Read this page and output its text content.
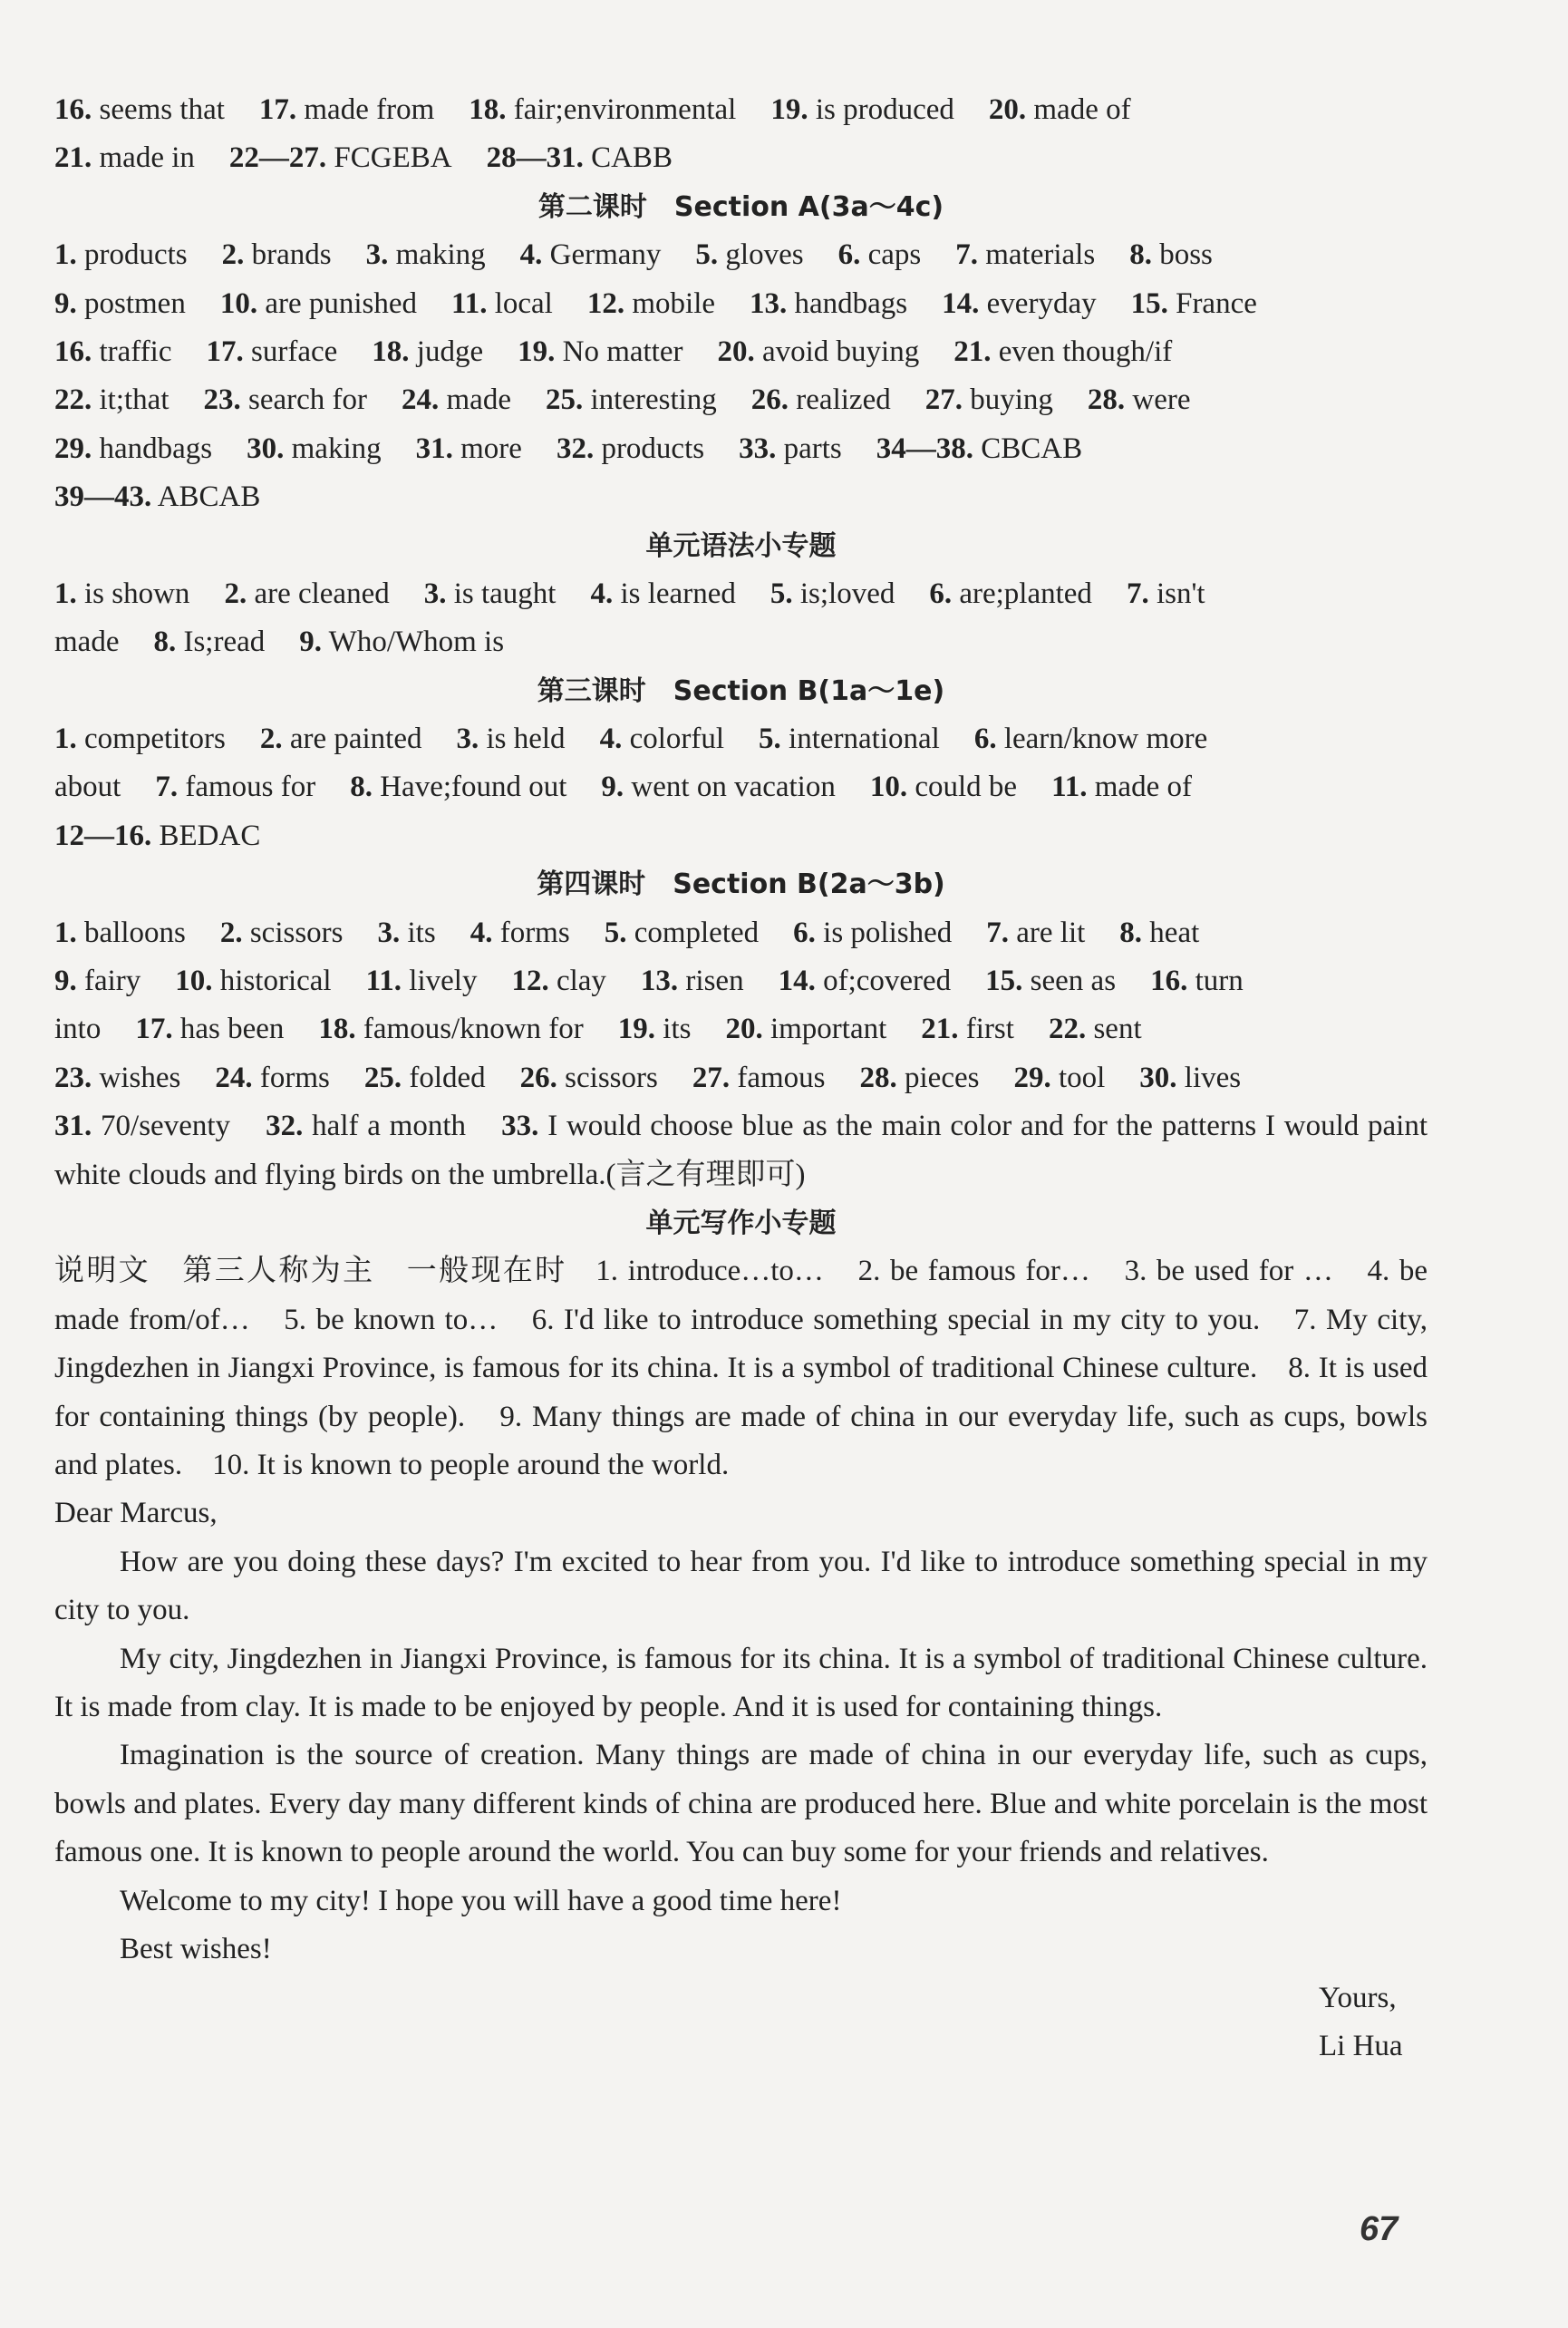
16. seems that 17. made from 18. fair;environmental 19. is produced 20. made of
21. made in 22—27. FCGEBA 28—31. CABB
第二课时　Section A(3a～4c)
1. products 2. brands 3. making 4. Germany 5. gloves 6. caps 7. materials 8. boss
9. postmen 10. are punished 11. local 12. mobile 13. handbags 14. everyday 15. France
16. traffic 17. surface 18. judge 19. No matter 20. avoid buying 21. even though/if
22. it;that 23. search for 24. made 25. interesting 26. realized 27. buying 28. were
29. handbags 30. making 31. more 32. products 33. parts 34—38. CBCAB
39—43. ABCAB
单元语法小专题
1. is shown 2. are cleaned 3. is taught 4. is learned 5. is;loved 6. are;planted 7. isn't
made 8. Is;read 9. Who/Whom is
第三课时　Section B(1a～1e)
1. competitors 2. are painted 3. is held 4. colorful 5. international 6. learn/know more
about 7. famous for 8. Have;found out 9. went on vacation 10. could be 11. made of
12—16. BEDAC
第四课时　Section B(2a～3b)
1. balloons 2. scissors 3. its 4. forms 5. completed 6. is polished 7. are lit 8. heat
9. fairy 10. historical 11. lively 12. clay 13. risen 14. of;covered 15. seen as 16. turn
into 17. has been 18. famous/known for 19. its 20. important 21. first 22. sent
23. wishes 24. forms 25. folded 26. scissors 27. famous 28. pieces 29. tool 30. lives
31. 70/seventy 32. half a month 33. I would choose blue as the main color and for the patterns I would paint white clouds and flying birds on the umbrella.(言之有理即可)
单元写作小专题
说明文　第三人称为主　一般现在时 1. introduce…to…　2. be famous for…　3. be used for …　4. be made from/of…　5. be known to…　6. I'd like to introduce something special in my city to you.　7. My city, Jingdezhen in Jiangxi Province, is famous for its china. It is a symbol of traditional Chinese culture.　8. It is used for containing things (by people).　9. Many things are made of china in our everyday life, such as cups, bowls and plates.　10. It is known to people around the world.
Dear Marcus,
How are you doing these days? I'm excited to hear from you. I'd like to introduce something special in my city to you.
My city, Jingdezhen in Jiangxi Province, is famous for its china. It is a symbol of traditional Chinese culture. It is made from clay. It is made to be enjoyed by people. And it is used for containing things.
Imagination is the source of creation. Many things are made of china in our everyday life, such as cups, bowls and plates. Every day many different kinds of china are produced here. Blue and white porcelain is the most famous one. It is known to people around the world. You can buy some for your friends and relatives.
Welcome to my city! I hope you will have a good time here!
Best wishes!
Yours,
Li Hua
67
